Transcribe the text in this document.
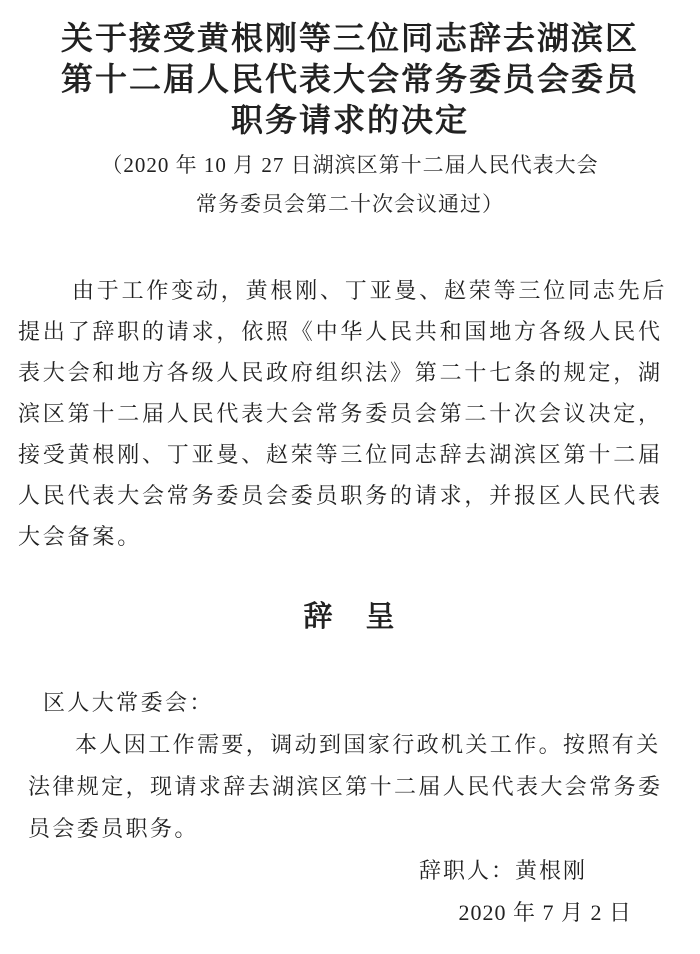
关于接受黄根刚等三位同志辞去湖滨区
第十二届人民代表大会常务委员会委员
职务请求的决定
（2020 年 10 月 27 日湖滨区第十二届人民代表大会
常务委员会第二十次会议通过）
由于工作变动，黄根刚、丁亚曼、赵荣等三位同志先后
提出了辞职的请求，依照《中华人民共和国地方各级人民代
表大会和地方各级人民政府组织法》第二十七条的规定，湖
滨区第十二届人民代表大会常务委员会第二十次会议决定，
接受黄根刚、丁亚曼、赵荣等三位同志辞去湖滨区第十二届
人民代表大会常务委员会委员职务的请求，并报区人民代表
大会备案。
辞　呈
区人大常委会：
本人因工作需要，调动到国家行政机关工作。按照有关
法律规定，现请求辞去湖滨区第十二届人民代表大会常务委
员会委员职务。
辞职人：黄根刚
2020 年 7 月 2 日
